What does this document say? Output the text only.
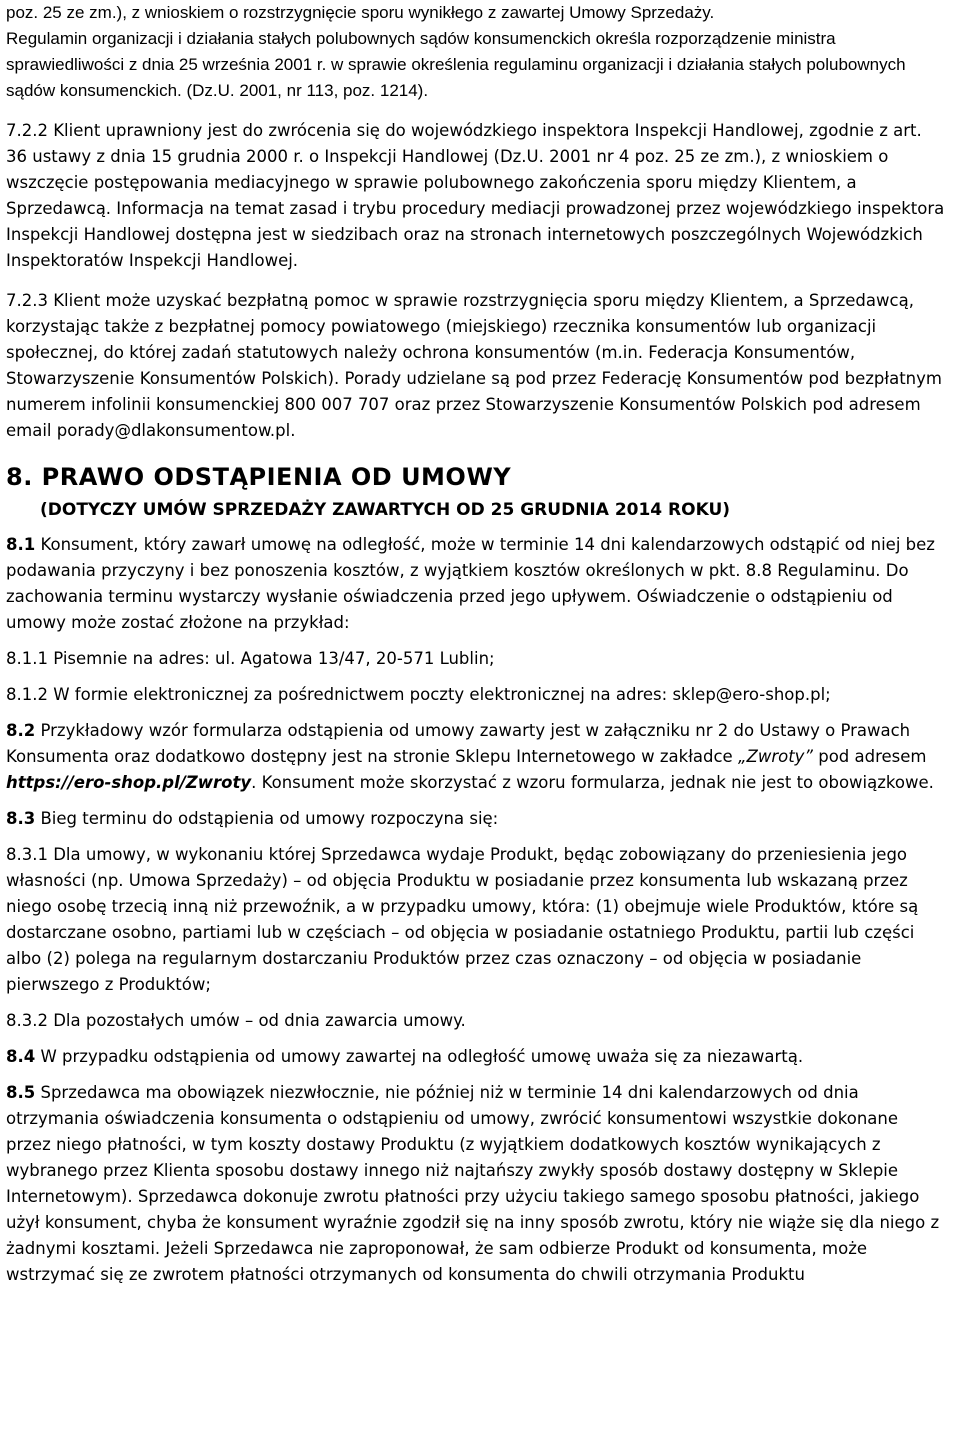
poz. 25 ze zm.), z wnioskiem o rozstrzygnięcie sporu wynikłego z zawartej Umowy Sprzedaży.
Regulamin organizacji i działania stałych polubownych sądów konsumenckich określa rozporządzenie ministra sprawiedliwości z dnia 25 września 2001 r. w sprawie określenia regulaminu organizacji i działania stałych polubownych sądów konsumenckich. (Dz.U. 2001, nr 113, poz. 1214).

7.2.2 Klient uprawniony jest do zwrócenia się do wojewódzkiego inspektora Inspekcji Handlowej, zgodnie z art. 36 ustawy z dnia 15 grudnia 2000 r. o Inspekcji Handlowej (Dz.U. 2001 nr 4 poz. 25 ze zm.), z wnioskiem o wszczęcie postępowania mediacyjnego w sprawie polubownego zakończenia sporu między Klientem, a Sprzedawcą. Informacja na temat zasad i trybu procedury mediacji prowadzonej przez wojewódzkiego inspektora Inspekcji Handlowej dostępna jest w siedzibach oraz na stronach internetowych poszczególnych Wojewódzkich Inspektoratów Inspekcji Handlowej.

7.2.3 Klient może uzyskać bezpłatną pomoc w sprawie rozstrzygnięcia sporu między Klientem, a Sprzedawcą, korzystając także z bezpłatnej pomocy powiatowego (miejskiego) rzecznika konsumentów lub organizacji społecznej, do której zadań statutowych należy ochrona konsumentów (m.in. Federacja Konsumentów, Stowarzyszenie Konsumentów Polskich). Porady udzielane są pod przez Federację Konsumentów pod bezpłatnym numerem infolinii konsumenckiej 800 007 707 oraz przez Stowarzyszenie Konsumentów Polskich pod adresem email porady@dlakonsumentow.pl.

8. PRAWO ODSTĄPIENIA OD UMOWY
(DOTYCZY UMÓW SPRZEDAŻY ZAWARTYCH OD 25 GRUDNIA 2014 ROKU)

8.1 Konsument, który zawarł umowę na odległość, może w terminie 14 dni kalendarzowych odstąpić od niej bez podawania przyczyny i bez ponoszenia kosztów, z wyjątkiem kosztów określonych w pkt. 8.8 Regulaminu. Do zachowania terminu wystarczy wysłanie oświadczenia przed jego upływem. Oświadczenie o odstąpieniu od umowy może zostać złożone na przykład:

8.1.1 Pisemnie na adres: ul. Agatowa 13/47, 20-571 Lublin;

8.1.2 W formie elektronicznej za pośrednictwem poczty elektronicznej na adres: sklep@ero-shop.pl;

8.2 Przykładowy wzór formularza odstąpienia od umowy zawarty jest w załączniku nr 2 do Ustawy o Prawach Konsumenta oraz dodatkowo dostępny jest na stronie Sklepu Internetowego w zakładce „Zwroty” pod adresem https://ero-shop.pl/Zwroty. Konsument może skorzystać z wzoru formularza, jednak nie jest to obowiązkowe.

8.3 Bieg terminu do odstąpienia od umowy rozpoczyna się:

8.3.1 Dla umowy, w wykonaniu której Sprzedawca wydaje Produkt, będąc zobowiązany do przeniesienia jego własności (np. Umowa Sprzedaży) – od objęcia Produktu w posiadanie przez konsumenta lub wskazaną przez niego osobę trzecią inną niż przewoźnik, a w przypadku umowy, która: (1) obejmuje wiele Produktów, które są dostarczane osobno, partiami lub w częściach – od objęcia w posiadanie ostatniego Produktu, partii lub części albo (2) polega na regularnym dostarczaniu Produktów przez czas oznaczony – od objęcia w posiadanie pierwszego z Produktów;

8.3.2 Dla pozostałych umów – od dnia zawarcia umowy.

8.4 W przypadku odstąpienia od umowy zawartej na odległość umowę uważa się za niezawartą.

8.5 Sprzedawca ma obowiązek niezwłocznie, nie później niż w terminie 14 dni kalendarzowych od dnia otrzymania oświadczenia konsumenta o odstąpieniu od umowy, zwrócić konsumentowi wszystkie dokonane przez niego płatności, w tym koszty dostawy Produktu (z wyjątkiem dodatkowych kosztów wynikających z wybranego przez Klienta sposobu dostawy innego niż najtańszy zwykły sposób dostawy dostępny w Sklepie Internetowym). Sprzedawca dokonuje zwrotu płatności przy użyciu takiego samego sposobu płatności, jakiego użył konsument, chyba że konsument wyraźnie zgodził się na inny sposób zwrotu, który nie wiąże się dla niego z żadnymi kosztami. Jeżeli Sprzedawca nie zaproponował, że sam odbierze Produkt od konsumenta, może wstrzymać się ze zwrotem płatności otrzymanych od konsumenta do chwili otrzymania Produktu
